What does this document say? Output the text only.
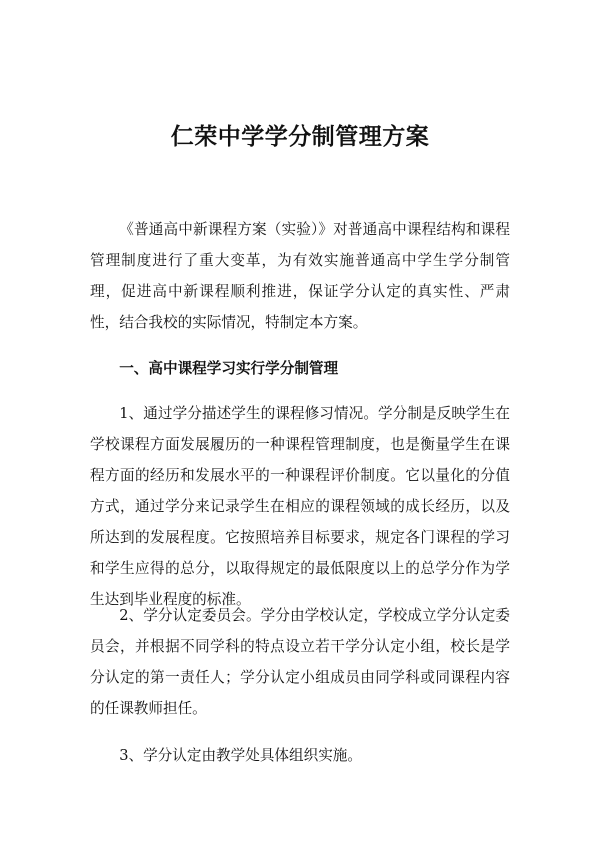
仁荣中学学分制管理方案

《普通高中新课程方案（实验）》对普通高中课程结构和课程管理制度进行了重大变革，为有效实施普通高中学生学分制管理，促进高中新课程顺利推进，保证学分认定的真实性、严肃性，结合我校的实际情况，特制定本方案。

一、高中课程学习实行学分制管理

1、通过学分描述学生的课程修习情况。学分制是反映学生在学校课程方面发展履历的一种课程管理制度，也是衡量学生在课程方面的经历和发展水平的一种课程评价制度。它以量化的分值方式，通过学分来记录学生在相应的课程领域的成长经历，以及所达到的发展程度。它按照培养目标要求，规定各门课程的学习和学生应得的总分，以取得规定的最低限度以上的总学分作为学生达到毕业程度的标准。

2、学分认定委员会。学分由学校认定，学校成立学分认定委员会，并根据不同学科的特点设立若干学分认定小组，校长是学分认定的第一责任人；学分认定小组成员由同学科或同课程内容的任课教师担任。

3、学分认定由教学处具体组织实施。
